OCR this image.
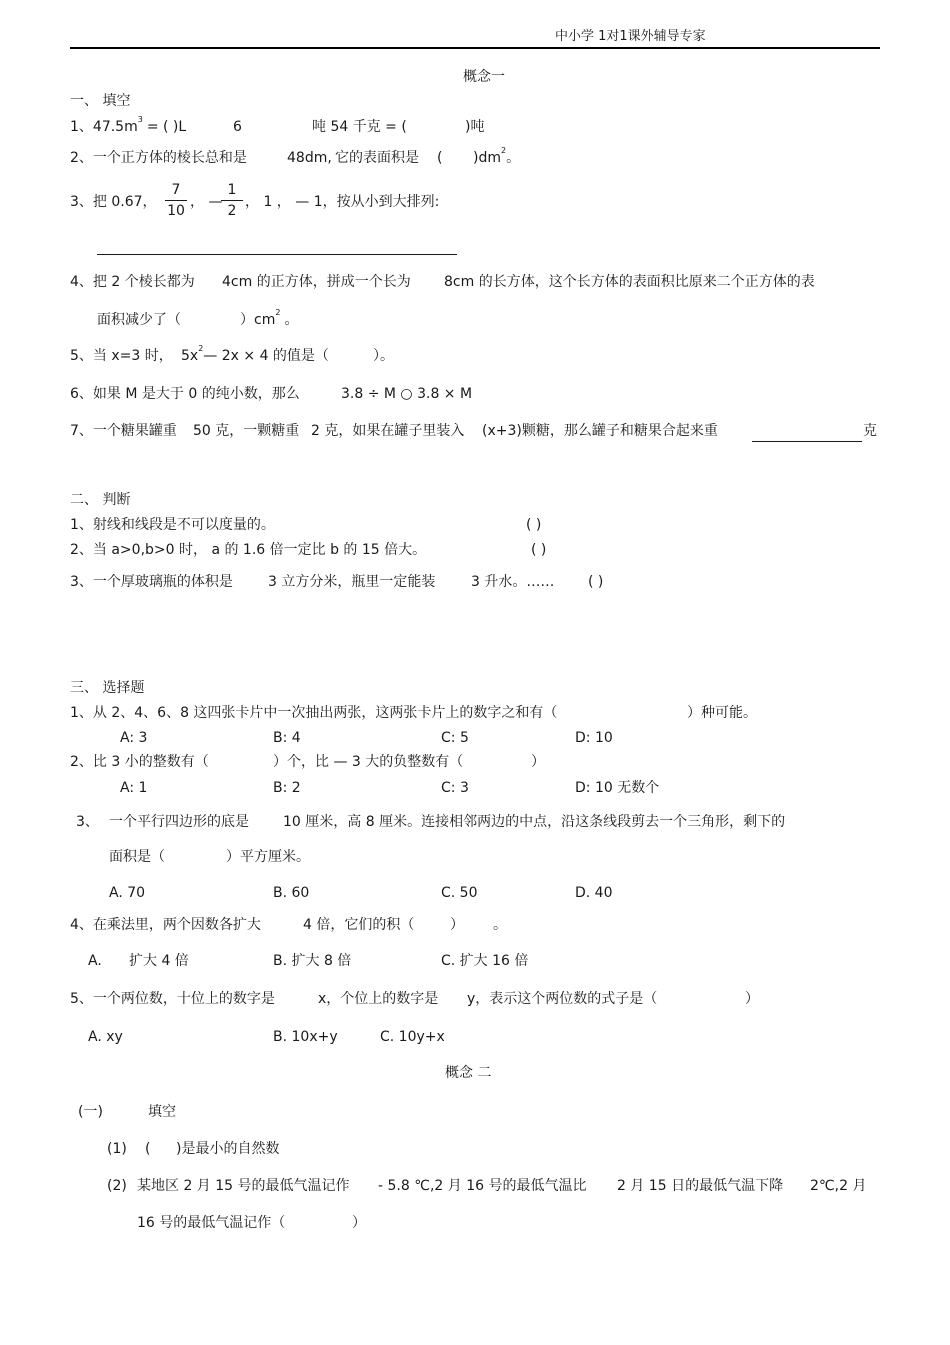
中小学 1对1课外辅导专家
概念一
一、 填空
1、$47.5m^3$ = ( )L	6	吨 54 千克 = (	)吨
2、一个正方体的棱长总和是	48dm, 它的表面积是 ( )$dm^2$。
3、把 0.67， $\frac{7}{10}$ ， —
$\frac{1}{2}$ ， 1 ， — 1，按从小到大排列:
4、把 2 个棱长都为 4cm 的正方体，拼成一个长为 8cm 的长方体，这个长方体的表面积比原来二个正方体的表
面积减少了（	）$cm^2$ 。
5、当 x=3 时， $5x^2—$ 2x × 4 的值是（	）。
6、如果 M 是大于 0 的纯小数，那么	3.8 ÷ M ○ 3.8 × M
7、一个糖果罐重 50 克，一颗糖重 2 克，如果在罐子里装入 (x+3)颗糖，那么罐子和糖果合起来重	克
二、 判断
1、射线和线段是不可以度量的。	( )
2、当 a>0,b>0 时， a 的 1.6 倍一定比 b 的 15 倍大。	( )
3、一个厚玻璃瓶的体积是	3 立方分米，瓶里一定能装	3 升水。…… ( )
三、 选择题
1、从 2、4、6、8 这四张卡片中一次抽出两张，这两张卡片上的数字之和有（	）种可能。
A: 3	B: 4	C: 5	D: 10
2、比 3 小的整数有（	）个，比 — 3 大的负整数有（	）
A: 1	B: 2	C: 3	D: 10 无数个
3、 一个平行四边形的底是 10 厘米，高 8 厘米。连接相邻两边的中点，沿这条线段剪去一个三角形，剩下的
面积是（	）平方厘米。
A. 70	B. 60	C. 50	D. 40
4、在乘法里，两个因数各扩大	4 倍，它们的积（	） 。
A. 扩大 4 倍	B. 扩大 8 倍	C. 扩大 16 倍
5、一个两位数，十位上的数字是	x，个位上的数字是 y，表示这个两位数的式子是（	）
A. xy	B. 10x+y	C. 10y+x
概念 二
(一)	填空
(1) ( )是最小的自然数
(2) 某地区 2 月 15 号的最低气温记作 - 5.8 ℃,2 月 16 号的最低气温比 2 月 15 日的最低气温下降 2℃,2 月
16 号的最低气温记作（	）
